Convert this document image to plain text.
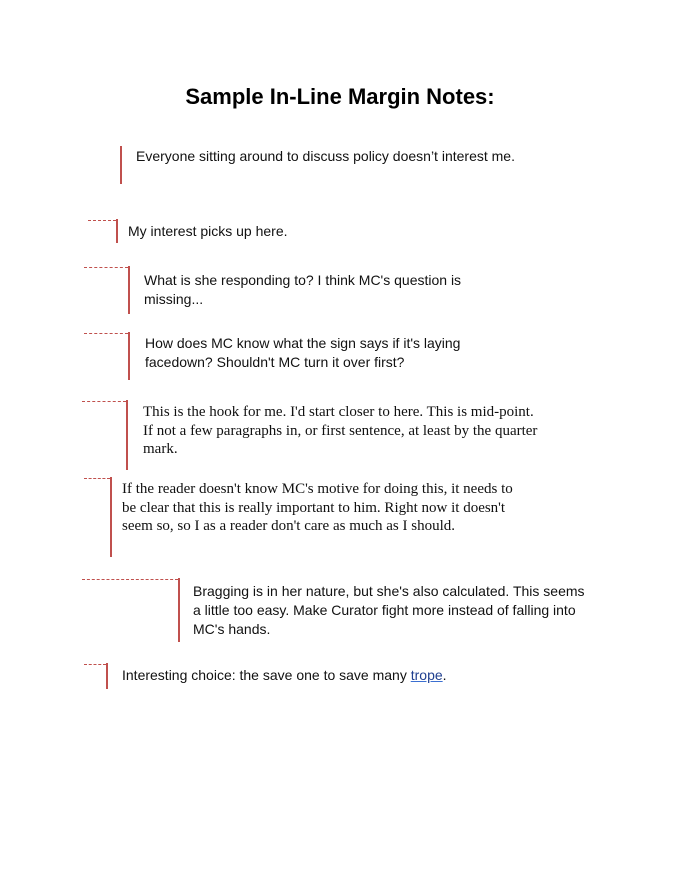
Sample In-Line Margin Notes:
Everyone sitting around to discuss policy doesn’t interest me.
My interest picks up here.
What is she responding to? I think MC's question is missing...
How does MC know what the sign says if it's laying facedown? Shouldn't MC turn it over first?
This is the hook for me. I'd start closer to here. This is mid-point. If not a few paragraphs in, or first sentence, at least by the quarter mark.
If the reader doesn't know MC's motive for doing this, it needs to be clear that this is really important to him. Right now it doesn't seem so, so I as a reader don't care as much as I should.
Bragging is in her nature, but she's also calculated. This seems a little too easy. Make Curator fight more instead of falling into MC's hands.
Interesting choice: the save one to save many trope.
